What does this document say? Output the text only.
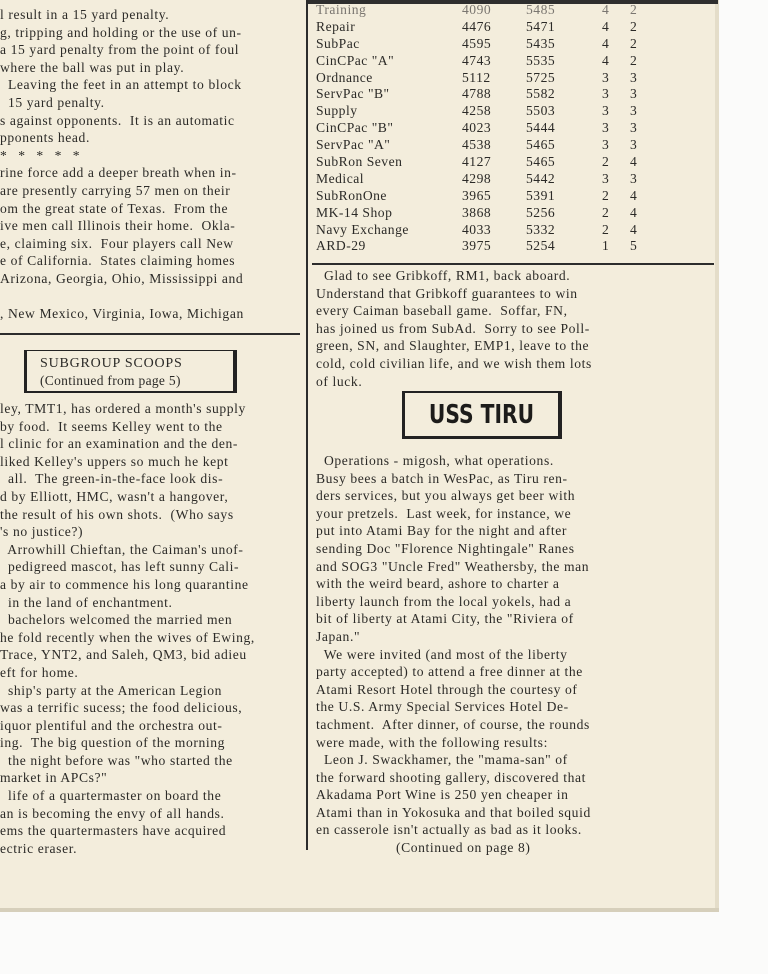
l result in a 15 yard penalty.

g, tripping and holding or the use of un-

a 15 yard penalty from the point of foul

where the ball was put in play.

Leaving the feet in an attempt to block

15 yard penalty.

s against opponents.  It is an automatic

pponents head.

* * * * *

rine force add a deeper breath when in-

are presently carrying 57 men on their

om the great state of Texas.  From the

ive men call Illinois their home.  Okla-

e, claiming six.  Four players call New

e of California.  States claiming homes

Arizona, Georgia, Ohio, Mississippi and

, New Mexico, Virginia, Iowa, Michigan

SUBGROUP SCOOPS
(Continued from page 5)

ley, TMT1, has ordered a month's supply

by food.  It seems Kelley went to the

l clinic for an examination and the den-

liked Kelley's uppers so much he kept

all.  The green-in-the-face look dis-

d by Elliott, HMC, wasn't a hangover,

the result of his own shots.  (Who says

's no justice?)

Arrowhill Chieftan, the Caiman's unof-

pedigreed mascot, has left sunny Cali-

a by air to commence his long quarantine

in the land of enchantment.

bachelors welcomed the married men

he fold recently when the wives of Ewing,

Trace, YNT2, and Saleh, QM3, bid adieu

eft for home.

ship's party at the American Legion

was a terrific sucess; the food delicious,

iquor plentiful and the orchestra out-

ing.  The big question of the morning

the night before was "who started the

market in APCs?"

life of a quartermaster on board the

an is becoming the envy of all hands.

ems the quartermasters have acquired

ectric eraser.

Training	4090	5485	4 2
Repair	4476	5471	4 2
SubPac	4595	5435	4 2
CinCPac "A"	4743	5535	4 2
Ordnance	5112	5725	3 3
ServPac "B"	4788	5582	3 3
Supply	4258	5503	3 3
CinCPac "B"	4023	5444	3 3
ServPac "A"	4538	5465	3 3
SubRon Seven	4127	5465	2 4
Medical	4298	5442	3 3
SubRonOne	3965	5391	2 4
MK-14 Shop	3868	5256	2 4
Navy Exchange	4033	5332	2 4
ARD-29	3975	5254	1 5

Glad to see Gribkoff, RM1, back aboard.

Understand that Gribkoff guarantees to win

every Caiman baseball game.  Soffar, FN,

has joined us from SubAd.  Sorry to see Poll-

green, SN, and Slaughter, EMP1, leave to the

cold, cold civilian life, and we wish them lots

of luck.

USS TIRU

Operations - migosh, what operations.

Busy bees a batch in WesPac, as Tiru ren-

ders services, but you always get beer with

your pretzels.  Last week, for instance, we

put into Atami Bay for the night and after

sending Doc "Florence Nightingale" Ranes

and SOG3 "Uncle Fred" Weathersby, the man

with the weird beard, ashore to charter a

liberty launch from the local yokels, had a

bit of liberty at Atami City, the "Riviera of

Japan."

We were invited (and most of the liberty

party accepted) to attend a free dinner at the

Atami Resort Hotel through the courtesy of

the U.S. Army Special Services Hotel De-

tachment.  After dinner, of course, the rounds

were made, with the following results:

Leon J. Swackhamer, the "mama-san" of

the forward shooting gallery, discovered that

Akadama Port Wine is 250 yen cheaper in

Atami than in Yokosuka and that boiled squid

en casserole isn't actually as bad as it looks.

(Continued on page 8)
